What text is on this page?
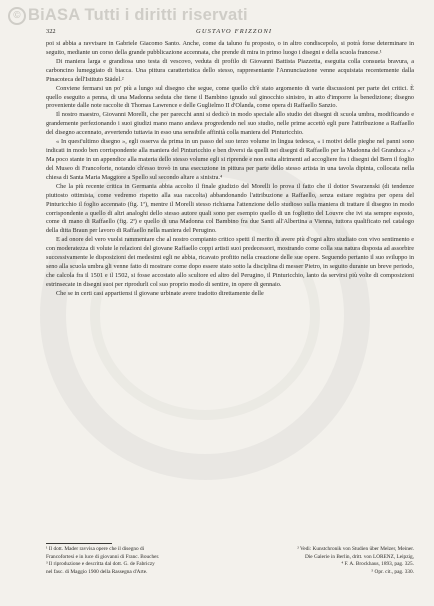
© BiASA Tutti i diritti riservati
322	GUSTAVO FRIZZONI

poi si abbia a ravvisare in Gabriele Giacomo Santo. Anche, come da taluno fu proposto, o in altro condiscepolo, si potrà forse determinare in seguito, mediante un corso della grande pubblicazione accennata, che prende di mira in primo luogo i disegni e della scuola francese.¹

Di maniera larga e grandiosa uno testa di vescovo, veduta di profilo di Giovanni Battista Piazzetta, eseguita colla consueta bravura, a carboncino lumeggiato di biacca. Una pittura caratteristica dello stesso, rappresentante l'Annunciazione venne acquistata recentemente dalla Pinacoteca dell'Istituto Städel.²

Conviene fermarsi un po' più a lungo sul disegno che segue, come quello ch'è stato argomento di varie discussioni per parte dei critici. È quello eseguito a penna, di una Madonna seduta che tiene il Bambino ignudo sul ginocchio sinistro, in atto d'imporre la benedizione; disegno proveniente dalle note raccolte di Thomas Lawrence e delle Guglielmo II d'Olanda, come opera di Raffaello Sanzio.

Il nostro maestro, Giovanni Morelli, che per parecchi anni si dedicò in modo speciale allo studio dei disegni di scuola umbra, modificando e grandemente perfezionando i suoi giudizi mano mano andava progredendo nel suo studio, nelle prime accettò egli pure l'attribuzione a Raffaello del disegno accennato, avvertendo tuttavia in esso una sensibile affinità colla maniera del Pinturicchio.

« In quest'ultimo disegno », egli osserva da prima in un passo del suo terzo volume in lingua tedesca, « i motivi delle pieghe nel panni sono indicati in modo ben corrispondente alla maniera del Pinturicchio e ben diversi da quelli nei disegni di Raffaello per la Madonna del Granduca ».³ Ma poco stante in un appendice alla materia dello stesso volume egli si riprende e non esita altrimenti ad accogliere fra i disegni del Bern il foglio del Museo di Francoforte, notando ch'esso trovò in una esecuzione in pittura per parte dello stesso artista in una tavola dipinta, collocata nella chiesa di Santa Maria Maggiore a Spello sul secondo altare a sinistra.⁴

Che la più recente critica in Germania abbia accolto il finale giudizio del Morelli lo prova il fatto che il dottor Swarzenski (di tendenze piuttosto ottimista, come vedremo rispetto alla sua raccolta) abbandonando l'attribuzione a Raffaello, senza esitare registra per opera del Pinturicchio il foglio accennato (fig. 1ª), mentre il Morelli stesso richiama l'attenzione dello studioso sulla maniera di trattare il disegno in modo corrispondente a quello di altri analoghi dello stesso autore quali sono per esempio quello di un foglietto del Louvre che ivi sta sempre esposto, come di mano di Raffaello (fig. 2ª) e quello di una Madonna col Bambino fra due Santi all'Albertina a Vienna, tuttora qualificato nel catalogo della ditta Braun per lavoro di Raffaello nella maniera del Perugino.

E ad onore del vero vuolsi rammentare che al nostro compianto critico spetti il merito di avere più d'ogni altro studiato con vivo sentimento e con moderatezza di volute le relazioni del giovane Raffaello coppi artisti suoi predecessori, mostrando come colla sua natura disposta ad assorbire successivamente le disposizioni dei medesimi egli ne abbia, ricavato profitto nella creazione delle sue opere. Seguendo pertanto il suo sviluppo in seno alla scuola umbra gli venne fatto di mostrare come dopo essere stato sotto la disciplina di messer Pietro, in seguito durante un breve periodo, che calcola fra il 1501 e il 1502, si fosse accostato allo scultore ed altro del Perugino, il Pinturicchio, lanto da servirsi più volte di composizioni estrinsecate in disegni suoi per riprodurli col suo proprio modo di sentire, in opere di gennaio.

Che se in certi casi appartiensi il giovane urbinate avere tradotto direttamente delle

¹ Il dott. Mader ravvisa opere che il disegno di	² Vedi: Kunstchronik von Studien über Melzer, Meiner.
Francofortesi e in luce di giovanni di Franc. Boucher.	Die Galerie in Berlin, dritt. von LORENZ, Leipzig,
³ Il riproduzione e descritta dal dott. G. de Fabriczy	⁴ F. A. Brockhaus, 1893, pag. 325.
nel fasc. di Maggio 1900 della Rassegna d'Arte.	⁵ Opr. cit., pag. 330.
